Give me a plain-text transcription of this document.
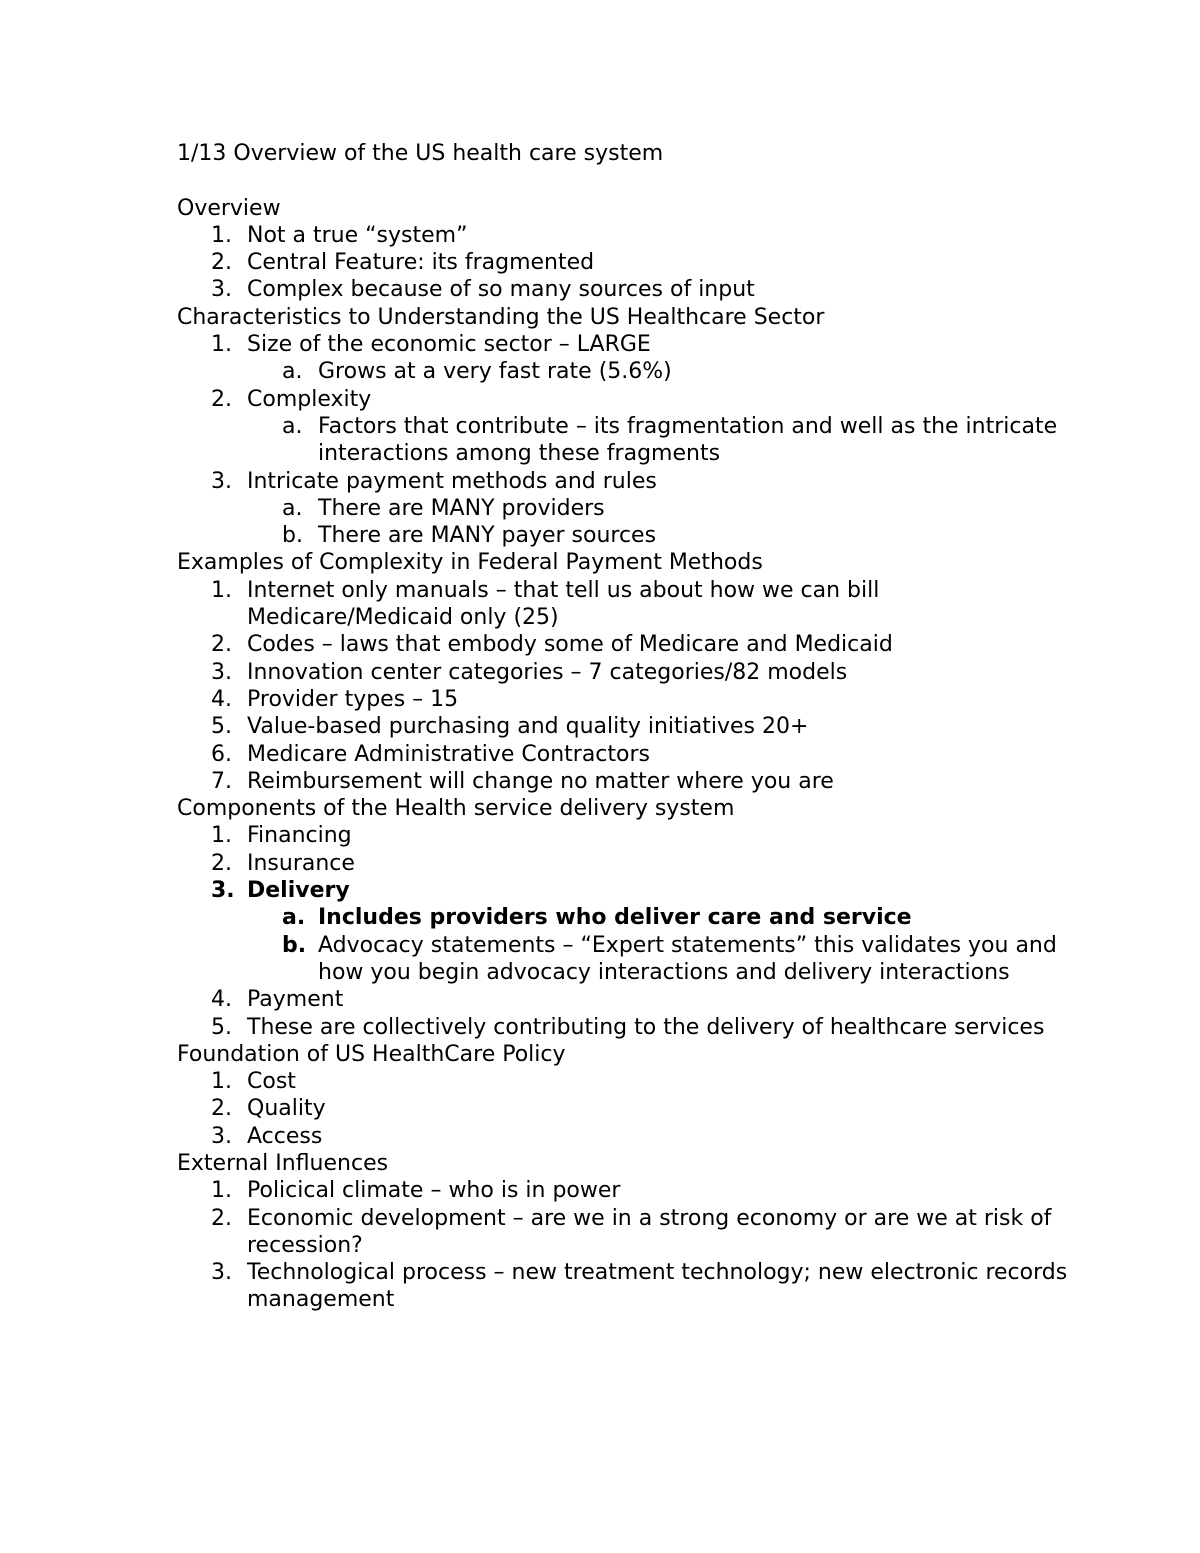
1/13 Overview of the US health care system
Overview
1. Not a true “system”
2. Central Feature: its fragmented
3. Complex because of so many sources of input
Characteristics to Understanding the US Healthcare Sector
1. Size of the economic sector – LARGE
a. Grows at a very fast rate (5.6%)
2. Complexity
a. Factors that contribute – its fragmentation and well as the intricate interactions among these fragments
3. Intricate payment methods and rules
a. There are MANY providers
b. There are MANY payer sources
Examples of Complexity in Federal Payment Methods
1. Internet only manuals – that tell us about how we can bill Medicare/Medicaid only (25)
2. Codes – laws that embody some of Medicare and Medicaid
3. Innovation center categories – 7 categories/82 models
4. Provider types – 15
5. Value-based purchasing and quality initiatives 20+
6. Medicare Administrative Contractors
7. Reimbursement will change no matter where you are
Components of the Health service delivery system
1. Financing
2. Insurance
3. Delivery
a. Includes providers who deliver care and service
b. Advocacy statements – “Expert statements” this validates you and how you begin advocacy interactions and delivery interactions
4. Payment
5. These are collectively contributing to the delivery of healthcare services
Foundation of US HealthCare Policy
1. Cost
2. Quality
3. Access
External Influences
1. Policical climate – who is in power
2. Economic development – are we in a strong economy or are we at risk of recession?
3. Technological process – new treatment technology; new electronic records management
